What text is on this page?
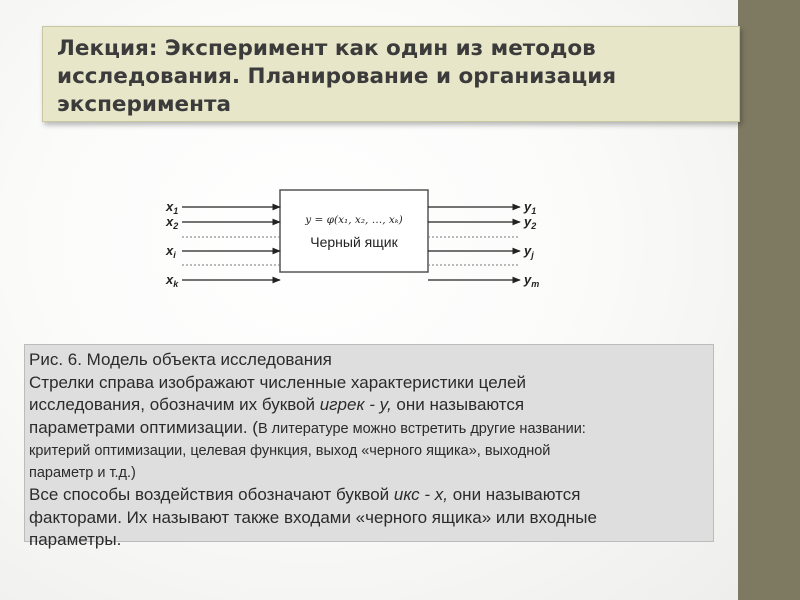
Лекция: Эксперимент как один из методов
исследования. Планирование и организация
эксперимента
y = φ(x₁, x₂, …, xₖ)
Черный ящик
$x_1$
$x_2$
$x_i$
$x_k$
$y_1$
$y_2$
$y_j$
$y_m$
Рис. 6. Модель объекта исследования
Стрелки справа изображают численные характеристики целей
исследования, обозначим их буквой игрек - у, они называются
параметрами оптимизации. (В литературе можно встретить другие названии:
критерий оптимизации, целевая функция, выход «черного ящика», выходной
параметр и т.д.)
Все способы воздействия обозначают буквой икс - х, они называются
факторами. Их называют также входами «черного ящика» или входные
параметры.
